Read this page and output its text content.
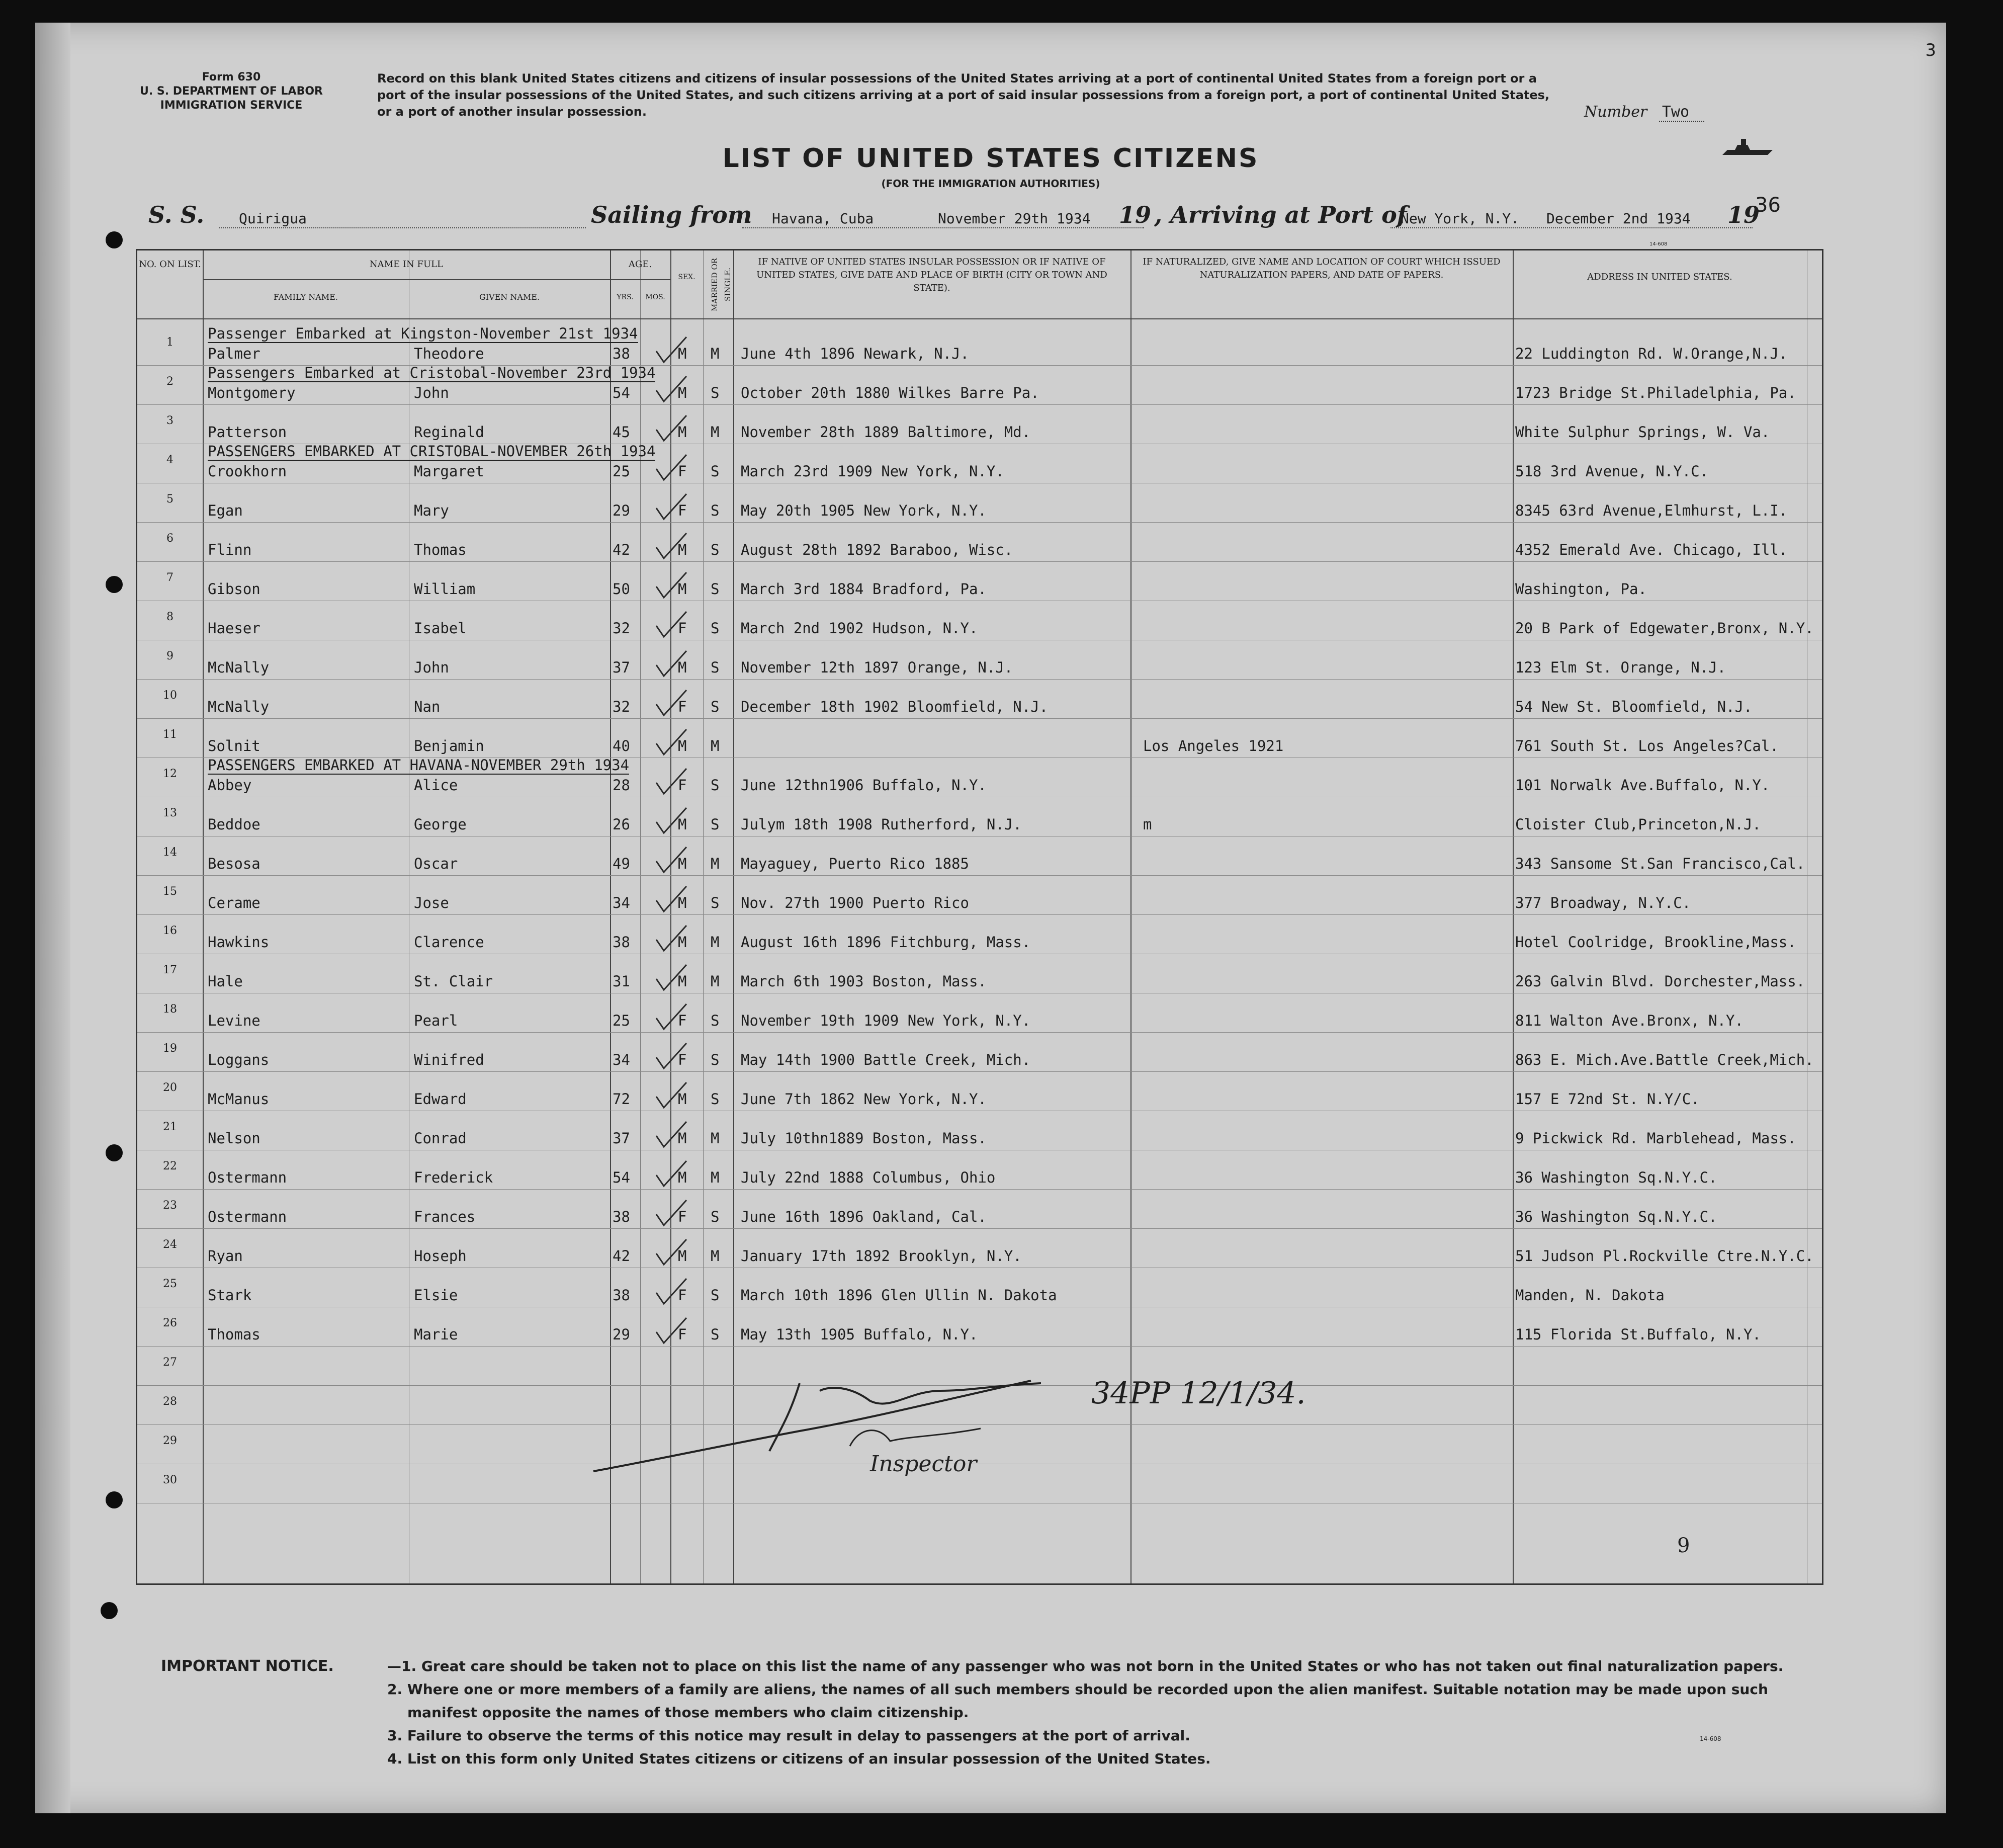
3
Form 630
U. S. DEPARTMENT OF LABOR
IMMIGRATION SERVICE
Record on this blank United States citizens and citizens of insular possessions of the United States arriving at a port of continental United States from a foreign port or a port of the insular possessions of the United States, and such citizens arriving at a port of said insular possessions from a foreign port, a port of continental United States, or a port of another insular possession.	Number Two
LIST OF UNITED STATES CITIZENS
(FOR THE IMMIGRATION AUTHORITIES)
S. S. Quirigua	Sailing from Havana, Cuba	November 29th 1934 19 , Arriving at Port of
New York, N.Y. December 2nd 1934 19
36
14-608
NO. ON LIST.	NAME IN FULL
FAMILY NAME.	GIVEN NAME.
AGE.
YRS.	MOS.
SEX.	MARRIED OR SINGLE.
IF NATIVE OF UNITED STATES INSULAR POSSESSION OR IF NATIVE OF UNITED STATES, GIVE DATE AND PLACE OF BIRTH (CITY OR TOWN AND STATE).
IF NATURALIZED, GIVE NAME AND LOCATION OF COURT WHICH ISSUED NATURALIZATION PAPERS, AND DATE OF PAPERS.	ADDRESS IN UNITED STATES.
1
Passenger Embarked at Kingston-November 21st 1934
Palmer	Theodore	38	M M June 4th 1896 Newark, N.J.	22 Luddington Rd. W.Orange,N.J.
2
Passengers Embarked at Cristobal-November 23rd 1934
Montgomery	John	54	M S October 20th 1880 Wilkes Barre Pa.	1723 Bridge St.Philadelphia, Pa.
3
Patterson	Reginald	45	M M November 28th 1889 Baltimore, Md.	White Sulphur Springs, W. Va.
4
PASSENGERS EMBARKED AT CRISTOBAL-NOVEMBER 26th 1934
Crookhorn	Margaret	25	F S March 23rd 1909 New York, N.Y.	518 3rd Avenue, N.Y.C.
5
Egan	Mary	29	F S May 20th 1905 New York, N.Y.	8345 63rd Avenue,Elmhurst, L.I.
6
Flinn	Thomas	42	M S August 28th 1892 Baraboo, Wisc.	4352 Emerald Ave. Chicago, Ill.
7
Gibson	William	50	M S March 3rd 1884 Bradford, Pa.	Washington, Pa.
8
Haeser	Isabel	32	F S March 2nd 1902 Hudson, N.Y.	20 B Park of Edgewater,Bronx, N.Y.
9
McNally	John	37	M S November 12th 1897 Orange, N.J.	123 Elm St. Orange, N.J.
10
McNally	Nan	32	F S December 18th 1902 Bloomfield, N.J.	54 New St. Bloomfield, N.J.
11
Solnit	Benjamin	40	M M	Los Angeles 1921	761 South St. Los Angeles?Cal.
12
PASSENGERS EMBARKED AT HAVANA-NOVEMBER 29th 1934
Abbey	Alice	28	F S June 12thn1906 Buffalo, N.Y.	101 Norwalk Ave.Buffalo, N.Y.
13
Beddoe	George	26	M S Julym 18th 1908 Rutherford, N.J.	m	Cloister Club,Princeton,N.J.
14
Besosa	Oscar	49	M M Mayaguey, Puerto Rico 1885	343 Sansome St.San Francisco,Cal.
15
Cerame	Jose	34	M S Nov. 27th 1900 Puerto Rico	377 Broadway, N.Y.C.
16
Hawkins	Clarence	38	M M August 16th 1896 Fitchburg, Mass.	Hotel Coolridge, Brookline,Mass.
17
Hale	St. Clair	31	M M March 6th 1903 Boston, Mass.	263 Galvin Blvd. Dorchester,Mass.
18
Levine	Pearl	25	F S November 19th 1909 New York, N.Y.	811 Walton Ave.Bronx, N.Y.
19
Loggans	Winifred	34	F S May 14th 1900 Battle Creek, Mich.	863 E. Mich.Ave.Battle Creek,Mich.
20
McManus	Edward	72	M S June 7th 1862 New York, N.Y.	157 E 72nd St. N.Y/C.
21
Nelson	Conrad	37	M M July 10thn1889 Boston, Mass.	9 Pickwick Rd. Marblehead, Mass.
22
Ostermann	Frederick	54	M M July 22nd 1888 Columbus, Ohio	36 Washington Sq.N.Y.C.
23
Ostermann	Frances	38	F S June 16th 1896 Oakland, Cal.	36 Washington Sq.N.Y.C.
24
Ryan	Hoseph	42	M M January 17th 1892 Brooklyn, N.Y.	51 Judson Pl.Rockville Ctre.N.Y.C.
25
Stark	Elsie	38	F S March 10th 1896 Glen Ullin N. Dakota	Manden, N. Dakota
26
Thomas	Marie	29	F S May 13th 1905 Buffalo, N.Y.	115 Florida St.Buffalo, N.Y.
27
28
29
30
Inspector
34PP 12/1/34.
9
IMPORTANT NOTICE.	—1. Great care should be taken not to place on this list the name of any passenger who was not born in the United States or who has not taken out final naturalization papers.
2. Where one or more members of a family are aliens, the names of all such members should be recorded upon the alien manifest. Suitable notation may be made upon such
manifest opposite the names of those members who claim citizenship.
3. Failure to observe the terms of this notice may result in delay to passengers at the port of arrival.
4. List on this form only United States citizens or citizens of an insular possession of the United States.
14-608
